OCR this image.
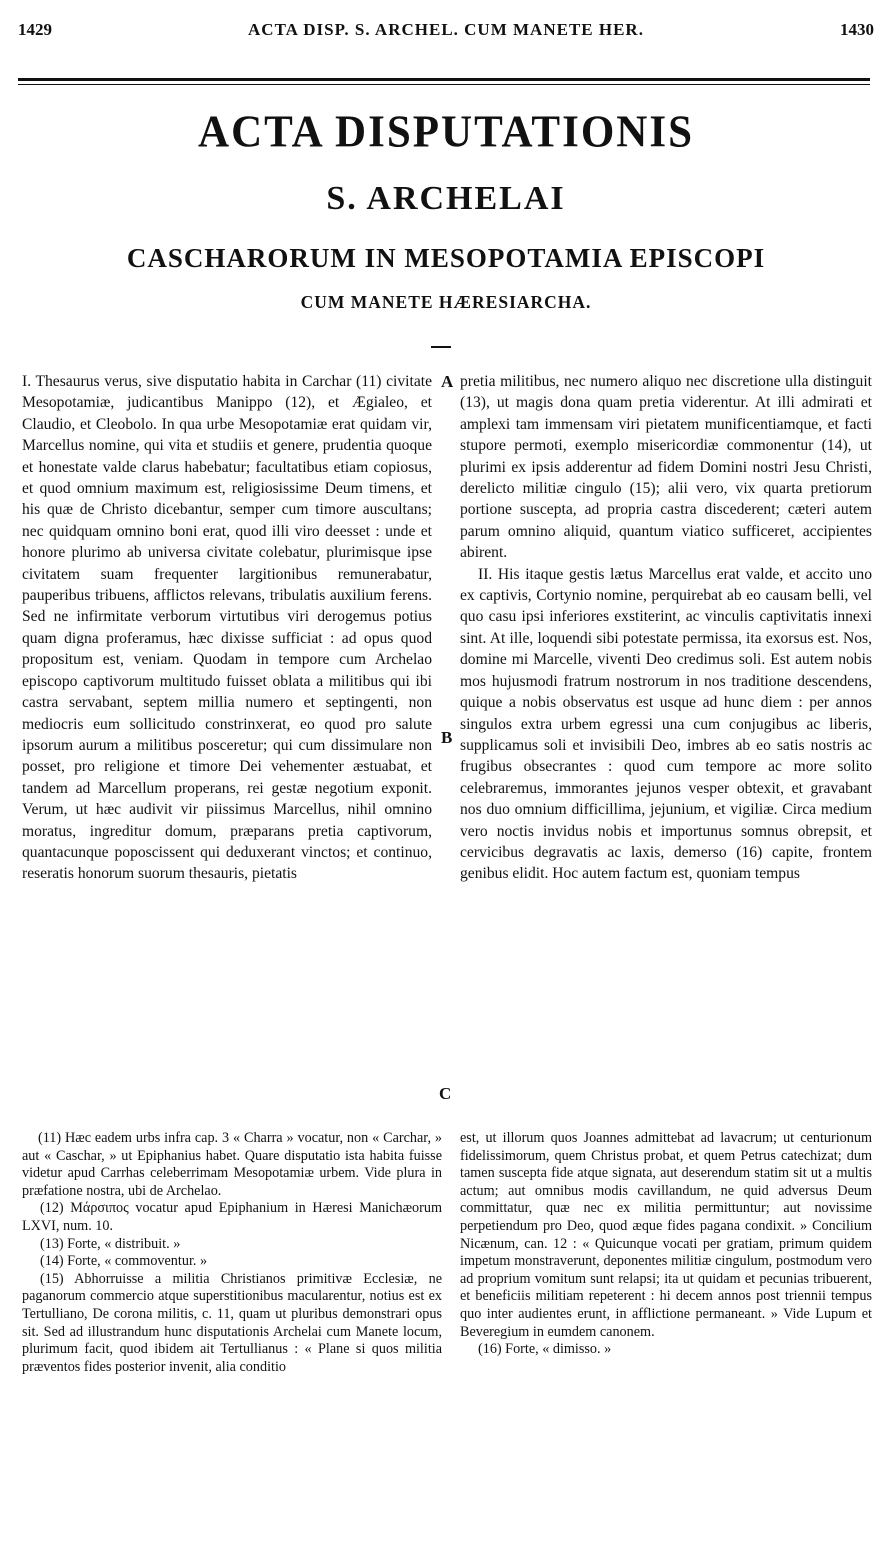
1429	ACTA DISP. S. ARCHEL. CUM MANETE HER.	1430
ACTA DISPUTATIONIS
S. ARCHELAI
CASCHARORUM IN MESOPOTAMIA EPISCOPI
CUM MANETE HÆRESIARCHA.

I. Thesaurus verus, sive disputatio habita in Carchar (11) civitate Mesopotamiæ, judicantibus Manippo (12), et Ægialeo, et Claudio, et Cleobolo. In qua urbe Mesopotamiæ erat quidam vir, Marcellus nomine, qui vita et studiis et genere, prudentia quoque et honestate valde clarus habebatur; facultatibus etiam copiosus, et quod omnium maximum est, religiosissime Deum timens, et his quæ de Christo dicebantur, semper cum timore auscultans; nec quidquam omnino boni erat, quod illi viro deesset : unde et honore plurimo ab universa civitate colebatur, plurimisque ipse civitatem suam frequenter largitionibus remunerabatur, pauperibus tribuens, afflictos relevans, tribulatis auxilium ferens. Sed ne infirmitate verborum virtutibus viri derogemus potius quam digna proferamus, hæc dixisse sufficiat : ad opus quod propositum est, veniam. Quodam in tempore cum Archelao episcopo captivorum multitudo fuisset oblata a militibus qui ibi castra servabant, septem millia numero et septingenti, non mediocris eum sollicitudo constrinxerat, eo quod pro salute ipsorum aurum a militibus posceretur; qui cum dissimulare non posset, pro religione et timore Dei vehementer æstuabat, et tandem ad Marcellum properans, rei gestæ negotium exponit. Verum, ut hæc audivit vir piissimus Marcellus, nihil omnino moratus, ingreditur domum, præparans pretia captivorum, quantacunque poposcissent qui deduxerant vinctos; et continuo, reseratis honorum suorum thesauris, pietatis

A
B
C

pretia militibus, nec numero aliquo nec discretione ulla distinguit (13), ut magis dona quam pretia viderentur. At illi admirati et amplexi tam immensam viri pietatem munificentiamque, et facti stupore permoti, exemplo misericordiæ commonentur (14), ut plurimi ex ipsis adderentur ad fidem Domini nostri Jesu Christi, derelicto militiæ cingulo (15); alii vero, vix quarta pretiorum portione suscepta, ad propria castra discederent; cæteri autem parum omnino aliquid, quantum viatico sufficeret, accipientes abirent.

II. His itaque gestis lætus Marcellus erat valde, et accito uno ex captivis, Cortynio nomine, perquirebat ab eo causam belli, vel quo casu ipsi inferiores exstiterint, ac vinculis captivitatis innexi sint. At ille, loquendi sibi potestate permissa, ita exorsus est. Nos, domine mi Marcelle, viventi Deo credimus soli. Est autem nobis mos hujusmodi fratrum nostrorum in nos traditione descendens, quique a nobis observatus est usque ad hunc diem : per annos singulos extra urbem egressi una cum conjugibus ac liberis, supplicamus soli et invisibili Deo, imbres ab eo satis nostris ac frugibus obsecrantes : quod cum tempore ac more solito celebraremus, immorantes jejunos vesper obtexit, et gravabant nos duo omnium difficillima, jejunium, et vigiliæ. Circa medium vero noctis invidus nobis et importunus somnus obrepsit, et cervicibus degravatis ac laxis, demerso (16) capite, frontem genibus elidit. Hoc autem factum est, quoniam tempus

(11) Hæc eadem urbs infra cap. 3 « Charra » vocatur, non « Carchar, » aut « Caschar, » ut Epiphanius habet. Quare disputatio ista habita fuisse videtur apud Carrhas celeberrimam Mesopotamiæ urbem. Vide plura in præfatione nostra, ubi de Archelao.

(12) Μάρσιπος vocatur apud Epiphanium in Hæresi Manichæorum LXVI, num. 10.

(13) Forte, « distribuit. »

(14) Forte, « commoventur. »

(15) Abhorruisse a militia Christianos primitivæ Ecclesiæ, ne paganorum commercio atque superstitionibus macularentur, notius est ex Tertulliano, De corona militis, c. 11, quam ut pluribus demonstrari opus sit. Sed ad illustrandum hunc disputationis Archelai cum Manete locum, plurimum facit, quod ibidem ait Tertullianus : « Plane si quos militia præventos fides posterior invenit, alia conditio

est, ut illorum quos Joannes admittebat ad lavacrum; ut centurionum fidelissimorum, quem Christus probat, et quem Petrus catechizat; dum tamen suscepta fide atque signata, aut deserendum statim sit ut a multis actum; aut omnibus modis cavillandum, ne quid adversus Deum committatur, quæ nec ex militia permittuntur; aut novissime perpetiendum pro Deo, quod æque fides pagana condixit. » Concilium Nicænum, can. 12 : « Quicunque vocati per gratiam, primum quidem impetum monstraverunt, deponentes militiæ cingulum, postmodum vero ad proprium vomitum sunt relapsi; ita ut quidam et pecunias tribuerent, et beneficiis militiam repeterent : hi decem annos post triennii tempus quo inter audientes erunt, in afflictione permaneant. » Vide Lupum et Beveregium in eumdem canonem.

(16) Forte, « dimisso. »
